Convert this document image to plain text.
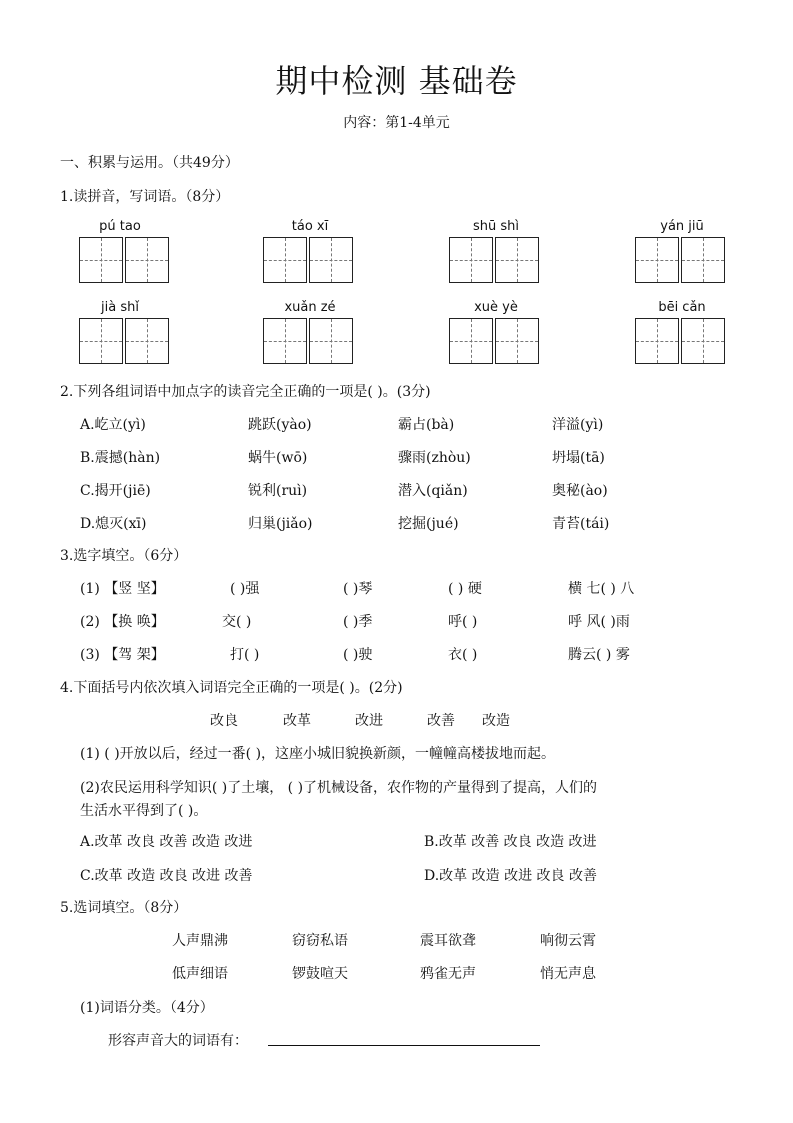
期中检测 基础卷
内容：第1-4单元
一、积累与运用。（共49分）
1.读拼音，写词语。（8分）
pú tao	táo xī	shū shì	yán jiū
jià shǐ	xuǎn zé	xuè yè	bēi cǎn
2.下列各组词语中加点字的读音完全正确的一项是( )。(3分)
A.屹立(yì)	跳跃(yào)	霸占(bà)	洋溢(yì)
B.震撼(hàn)	蜗牛(wō)	骤雨(zhòu)	坍塌(tā)
C.揭开(jiē)	锐利(ruì)	潜入(qiǎn)	奥秘(ào)
D.熄灭(xī)	归巢(jiǎo)	挖掘(jué)	青苔(tái)
3.选字填空。（6分）
(1) 【竖 坚】	( )强	( )琴	( ) 硬	横 七( ) 八
(2) 【换 唤】	交( )	( )季	呼( )	呼 风( )雨
(3) 【驾 架】	打( )	( )驶	衣( )	腾云( ) 雾
4.下面括号内依次填入词语完全正确的一项是( )。(2分)
改良	改革	改进	改善 改造
(1) ( )开放以后，经过一番( )，这座小城旧貌换新颜，一幢幢高楼拔地而起。
(2)农民运用科学知识( )了土壤， ( )了机械设备，农作物的产量得到了提高，人们的
生活水平得到了( )。
A.改革 改良 改善 改造 改进	B.改革 改善 改良 改造 改进
C.改革 改造 改良 改进 改善	D.改革 改造 改进 改良 改善
5.选词填空。（8分）
人声鼎沸	窃窃私语	震耳欲聋	响彻云霄
低声细语	锣鼓喧天	鸦雀无声	悄无声息
(1)词语分类。（4分）
形容声音大的词语有：
